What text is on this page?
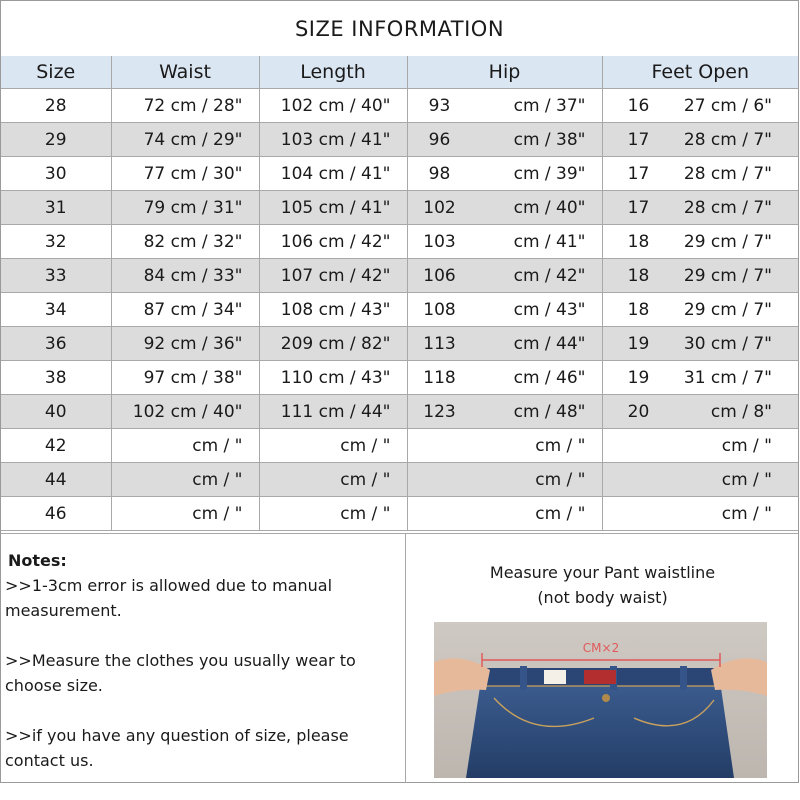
SIZE INFORMATION
Size	Waist	Length	Hip	Feet Open
28	72 cm / 28"	102 cm / 40"	93 cm / 37"	16 27 cm / 6"

29	74 cm / 29"	103 cm / 41"	96 cm / 38"	17 28 cm / 7"

30	77 cm / 30"	104 cm / 41"	98 cm / 39"	17 28 cm / 7"

31	79 cm / 31"	105 cm / 41"	102 cm / 40"	17 28 cm / 7"

32	82 cm / 32"	106 cm / 42"	103 cm / 41"	18 29 cm / 7"

33	84 cm / 33"	107 cm / 42"	106 cm / 42"	18 29 cm / 7"

34	87 cm / 34"	108 cm / 43"	108 cm / 43"	18 29 cm / 7"

36	92 cm / 36"	209 cm / 82"	113 cm / 44"	19 30 cm / 7"

38	97 cm / 38"	110 cm / 43"	118 cm / 46"	19 31 cm / 7"

40	102 cm / 40"	111 cm / 44"	123 cm / 48"	20 cm / 8"

42	cm / "	cm / "	cm / "	cm / "

44	cm / "	cm / "	cm / "	cm / "

46	cm / "	cm / "	cm / "	cm / "
Notes:

>>1-3cm error is allowed due to manual measurement.

>>Measure the clothes you usually wear to choose size.

>>if you have any question of size, please contact us.

Measure your Pant waistline
(not body waist)
CM×2
